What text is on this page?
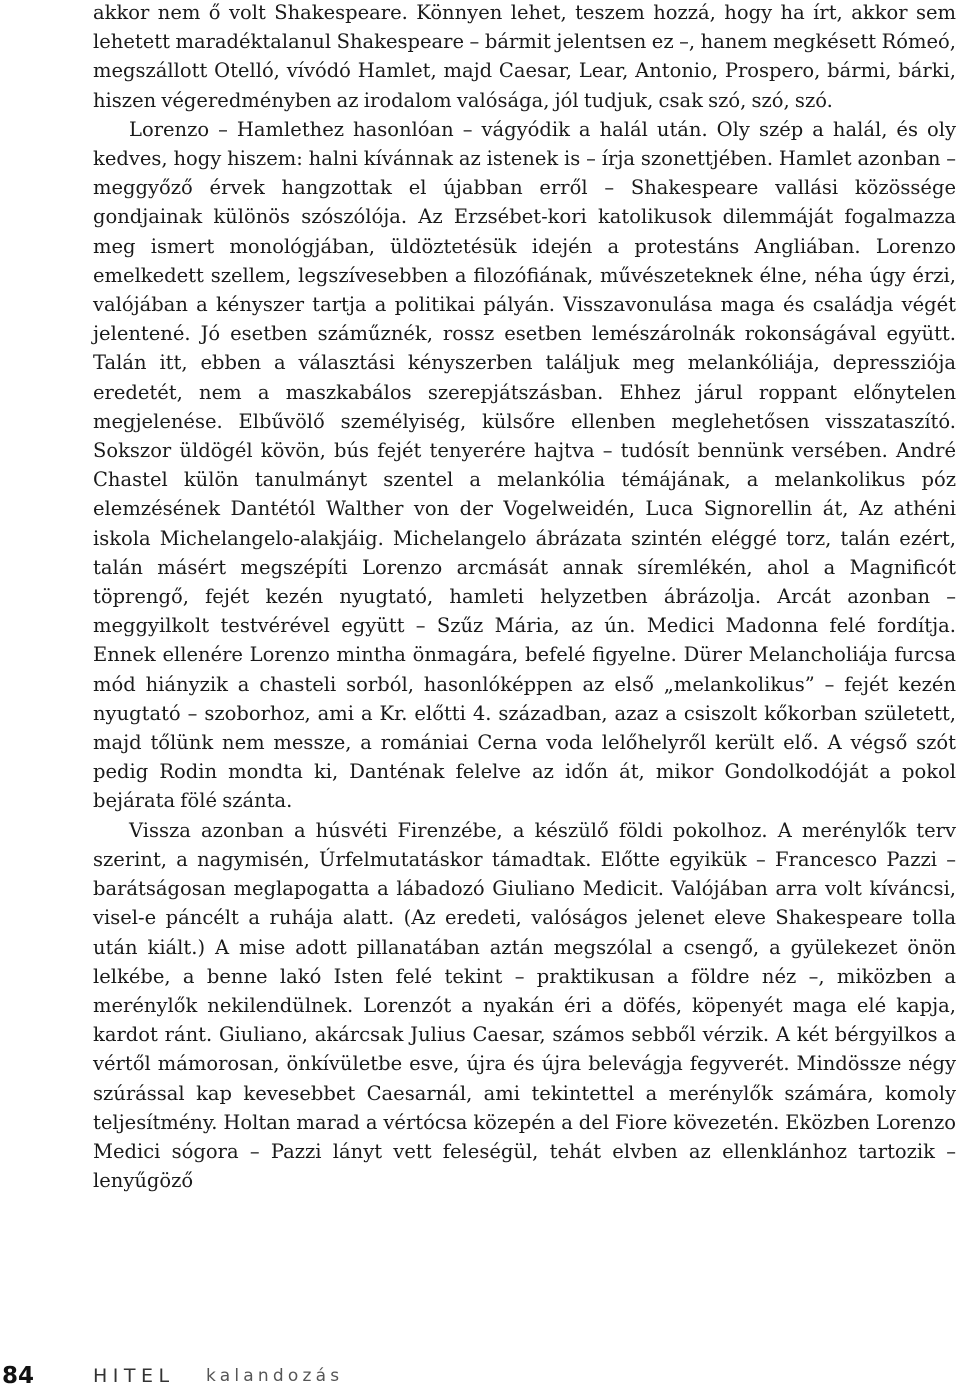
akkor nem ő volt Shakespeare. Könnyen lehet, teszem hozzá, hogy ha írt, akkor sem lehetett maradéktalanul Shakespeare – bármit jelentsen ez –, hanem megkésett Rómeó, megszállott Otelló, vívódó Hamlet, majd Caesar, Lear, Antonio, Prospero, bármi, bárki, hiszen végeredményben az irodalom valósága, jól tudjuk, csak szó, szó, szó.

Lorenzo – Hamlethez hasonlóan – vágyódik a halál után. Oly szép a halál, és oly kedves, hogy hiszem: halni kívánnak az istenek is – írja szonettjében. Hamlet azonban – meggyőző érvek hangzottak el újabban erről – Shakespeare vallási közössége gondjainak különös szószólója. Az Erzsébet-kori katolikusok dilemmáját fogalmazza meg ismert monológjában, üldöztetésük idején a protestáns Angliában. Lorenzo emelkedett szellem, legszívesebben a filozófiának, művészeteknek élne, néha úgy érzi, valójában a kényszer tartja a politikai pályán. Visszavonulása maga és családja végét jelentené. Jó esetben száműznék, rossz esetben lemészárolnák rokonságával együtt. Talán itt, ebben a választási kényszerben találjuk meg melankóliája, depressziója eredetét, nem a maszkabálos szerepjátszásban. Ehhez járul roppant előnytelen megjelenése. Elbűvölő személyiség, külsőre ellenben meglehetősen visszataszító. Sokszor üldögél kövön, bús fejét tenyerére hajtva – tudósít bennünk versében. André Chastel külön tanulmányt szentel a melankólia témájának, a melankolikus póz elemzésének Dantétól Walther von der Vogelweidén, Luca Signorellin át, Az athéni iskola Michelangelo-alakjáig. Michelangelo ábrázata szintén eléggé torz, talán ezért, talán másért megszépíti Lorenzo arcmását annak síremlékén, ahol a Magnificót töprengő, fejét kezén nyugtató, hamleti helyzetben ábrázolja. Arcát azonban – meggyilkolt testvérével együtt – Szűz Mária, az ún. Medici Madonna felé fordítja. Ennek ellenére Lorenzo mintha önmagára, befelé figyelne. Dürer Melancholiája furcsa mód hiányzik a chasteli sorból, hasonlóképpen az első „melankolikus” – fejét kezén nyugtató – szoborhoz, ami a Kr. előtti 4. században, azaz a csiszolt kőkorban született, majd tőlünk nem messze, a romániai Cerna voda lelőhelyről került elő. A végső szót pedig Rodin mondta ki, Danténak felelve az időn át, mikor Gondolkodóját a pokol bejárata fölé szánta.

Vissza azonban a húsvéti Firenzébe, a készülő földi pokolhoz. A merénylők terv szerint, a nagymisén, Úrfelmutatáskor támadtak. Előtte egyikük – Francesco Pazzi – barátságosan meglapogatta a lábadozó Giuliano Medicit. Valójában arra volt kíváncsi, visel-e páncélt a ruhája alatt. (Az eredeti, valóságos jelenet eleve Shakespeare tolla után kiált.) A mise adott pillanatában aztán megszólal a csengő, a gyülekezet önön lelkébe, a benne lakó Isten felé tekint – praktikusan a földre néz –, miközben a merénylők nekilendülnek. Lorenzót a nyakán éri a döfés, köpenyét maga elé kapja, kardot ránt. Giuliano, akárcsak Julius Caesar, számos sebből vérzik. A két bérgyilkos a vértől mámorosan, önkívületbe esve, újra és újra belevágja fegyverét. Mindössze négy szúrással kap kevesebbet Caesarnál, ami tekintettel a merénylők számára, komoly teljesítmény. Holtan marad a vértócsa közepén a del Fiore kövezetén. Eközben Lorenzo Medici sógora – Pazzi lányt vett feleségül, tehát elvben az ellenklánhoz tartozik – lenyűgöző

84	HITEL kalandozás
